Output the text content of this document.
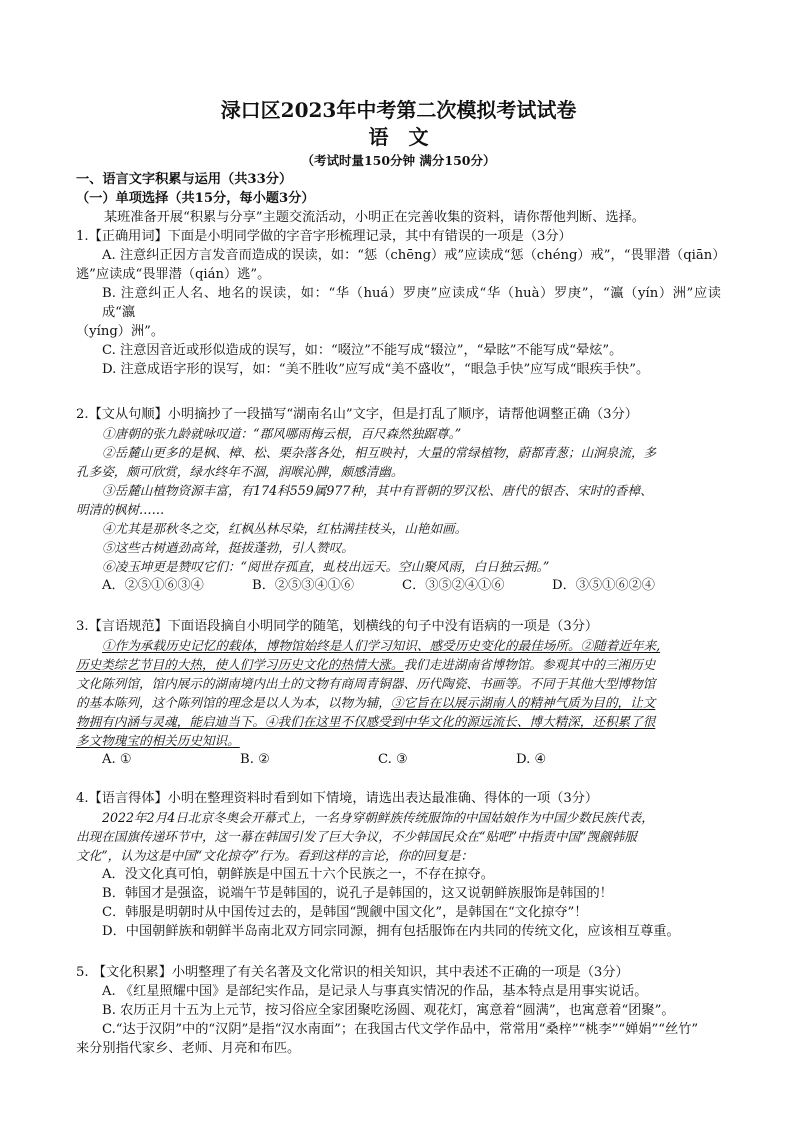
渌口区2023年中考第二次模拟考试试卷

语 文

（考试时量150分钟 满分150分）

一、语言文字积累与运用（共33分）

（一）单项选择（共15分，每小题3分）

某班准备开展“积累与分享”主题交流活动，小明正在完善收集的资料，请你帮他判断、选择。

1.【正确用词】下面是小明同学做的字音字形梳理记录，其中有错误的一项是（3分）

A. 注意纠正因方言发音而造成的误读，如：“惩（chēng）戒”应读成“惩（chéng）戒”，“畏罪潜（qiān）

逃”应读成“畏罪潜（qián）逃”。

B. 注意纠正人名、地名的误读，如：“华（huá）罗庚”应读成“华（huà）罗庚”，“瀛（yín）洲”应读成“瀛

（yíng）洲”。

C. 注意因音近或形似造成的误写，如：“啜泣”不能写成“辍泣”，“晕眩”不能写成“晕炫”。

D. 注意成语字形的误写，如：“美不胜收”应写成“美不盛收”，“眼急手快”应写成“眼疾手快”。

2.【文从句顺】小明摘抄了一段描写“湖南名山”文字，但是打乱了顺序，请帮他调整正确（3分）

①唐朝的张九龄就咏叹道：“郡风哪雨梅云根，百尺森然独踞尊。”

②岳麓山更多的是枫、樟、松、栗杂落各处，相互映衬，大量的常绿植物，蔚都青葱；山涧泉流，多

孔多姿，颇可欣赏，绿水终年不涸，润喉沁脾，颇感清幽。

③岳麓山植物资源丰富，有174科559属977种，其中有晋朝的罗汉松、唐代的银杏、宋时的香樟、

明清的枫树……

④尤其是那秋冬之交，红枫丛林尽染，红枯满挂枝头，山艳如画。

⑤这些古树遒劲高耸，挺拔蓬勃，引人赞叹。

⑥凌玉坤更是赞叹它们：“阅世存孤直，虬枝出远天。空山聚风雨，白日独云拥。”

A．②⑤①⑥③④	B．②⑤③④①⑥	C．③⑤②④①⑥	D．③⑤①⑥②④

3.【言语规范】下面语段摘自小明同学的随笔，划横线的句子中没有语病的一项是（3分）

①作为承载历史记忆的载体，博物馆始终是人们学习知识、感受历史变化的最佳场所。②随着近年来,

历史类综艺节目的大热，使人们学习历史文化的热情大涨。我们走进湖南省博物馆。参观其中的三湘历史

文化陈列馆，馆内展示的湖南境内出土的文物有商周青铜器、历代陶瓷、书画等。不同于其他大型博物馆

的基本陈列，这个陈列馆的理念是以人为本，以物为辅，③它旨在以展示湖南人的精神气质为目的，让文

物拥有内涵与灵魂，能启迪当下。④我们在这里不仅感受到中华文化的源远流长、博大精深，还积累了很

多文物瑰宝的相关历史知识。

A. ①	B. ②	C. ③	D. ④

4.【语言得体】小明在整理资料时看到如下情境，请选出表达最准确、得体的一项（3分）

2022年2月4日北京冬奥会开幕式上，一名身穿朝鲜族传统服饰的中国姑娘作为中国少数民族代表，

出现在国旗传递环节中，这一幕在韩国引发了巨大争议，不少韩国民众在“贴吧”中指责中国“觊觎韩服

文化”，认为这是中国“文化掠夺”行为。看到这样的言论，你的回复是：

A．没文化真可怕，朝鲜族是中国五十六个民族之一，不存在掠夺。

B．韩国才是强盗，说端午节是韩国的，说孔子是韩国的，这又说朝鲜族服饰是韩国的！

C．韩服是明朝时从中国传过去的，是韩国“觊觎中国文化”，是韩国在“文化掠夺”！

D．中国朝鲜族和朝鲜半岛南北双方同宗同源，拥有包括服饰在内共同的传统文化，应该相互尊重。

5. 【文化积累】小明整理了有关名著及文化常识的相关知识，其中表述不正确的一项是（3分）

A. 《红星照耀中国》是部纪实作品，是记录人与事真实情况的作品，基本特点是用事实说话。

B. 农历正月十五为上元节，按习俗应全家团聚吃汤圆、观花灯，寓意着“圆满”，也寓意着“团聚”。

C.“达于汉阴”中的“汉阴”是指“汉水南面”；在我国古代文学作品中，常常用“桑梓”“桃李”“婵娟”“丝竹”

来分别指代家乡、老师、月亮和布匹。
